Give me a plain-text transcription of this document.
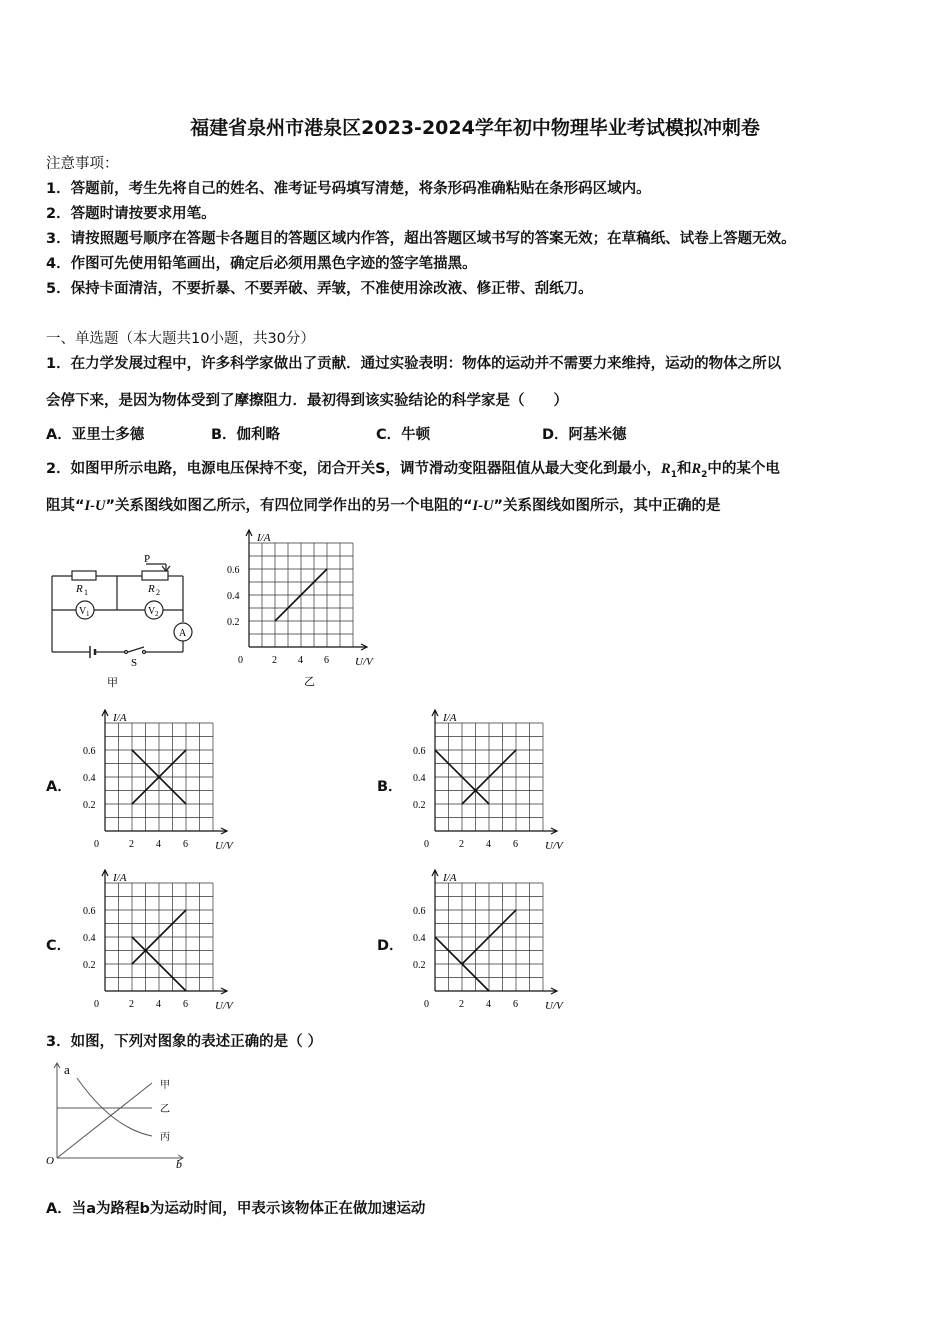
福建省泉州市港泉区2023-2024学年初中物理毕业考试模拟冲刺卷
注意事项：
1．答题前，考生先将自己的姓名、准考证号码填写清楚，将条形码准确粘贴在条形码区域内。
2．答题时请按要求用笔。
3．请按照题号顺序在答题卡各题目的答题区域内作答，超出答题区域书写的答案无效；在草稿纸、试卷上答题无效。
4．作图可先使用铅笔画出，确定后必须用黑色字迹的签字笔描黑。
5．保持卡面清洁，不要折暴、不要弄破、弄皱，不准使用涂改液、修正带、刮纸刀。
一、单选题（本大题共10小题，共30分）
1．在力学发展过程中，许多科学家做出了贡献．通过实验表明：物体的运动并不需要力来维持，运动的物体之所以
会停下来，是因为物体受到了摩擦阻力．最初得到该实验结论的科学家是（　　）
A．亚里士多德	B．伽利略	C．牛顿	D．阿基米德
2．如图甲所示电路，电源电压保持不变，闭合开关S，调节滑动变阻器阻值从最大变化到最小，$R_1$和$R_2$中的某个电
阻其“I-U”关系图线如图乙所示，有四位同学作出的另一个电阻的“I-U”关系图线如图所示，其中正确的是
R 1	R 2
P
V 1	V 2
A
S
甲	乙
I/A
U/V
0	2 4 6
0.2
0.4
0.6
A．
I/A
U/V
0	2 4 6
0.2
0.4
0.6
B．
I/A
U/V
0	2 4 6
0.2
0.4
0.6
C．
I/A
U/V
0	2 4 6
0.2
0.4
0.6
D．
I/A
U/V
0	2 4 6
0.2
0.4
0.6
3．如图，下列对图象的表述正确的是（ ）
a
b
O
甲
乙
丙
A．当a为路程b为运动时间，甲表示该物体正在做加速运动
